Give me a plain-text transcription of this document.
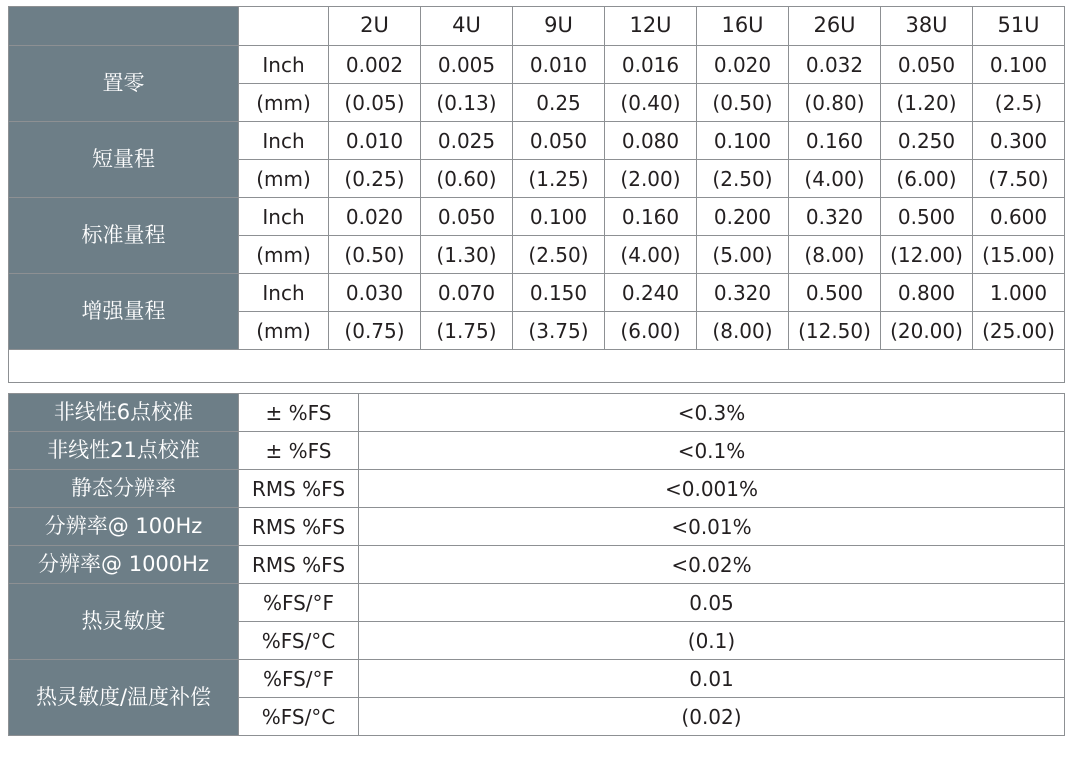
		2U	4U	9U	12U	16U	26U	38U	51U
置零	Inch	0.002	0.005	0.010	0.016	0.020	0.032	0.050	0.100
	(mm)	(0.05)	(0.13)	0.25	(0.40)	(0.50)	(0.80)	(1.20)	(2.5)
短量程	Inch	0.010	0.025	0.050	0.080	0.100	0.160	0.250	0.300
	(mm)	(0.25)	(0.60)	(1.25)	(2.00)	(2.50)	(4.00)	(6.00)	(7.50)
标准量程	Inch	0.020	0.050	0.100	0.160	0.200	0.320	0.500	0.600
	(mm)	(0.50)	(1.30)	(2.50)	(4.00)	(5.00)	(8.00)	(12.00)	(15.00)
增强量程	Inch	0.030	0.070	0.150	0.240	0.320	0.500	0.800	1.000
	(mm)	(0.75)	(1.75)	(3.75)	(6.00)	(8.00)	(12.50)	(20.00)	(25.00)

非线性6点校准	± %FS	<0.3%
非线性21点校准	± %FS	<0.1%
静态分辨率	RMS %FS	<0.001%
分辨率@ 100Hz	RMS %FS	<0.01%
分辨率@ 1000Hz	RMS %FS	<0.02%
热灵敏度	%FS/°F	0.05
	%FS/°C	(0.1)
热灵敏度/温度补偿	%FS/°F	0.01
	%FS/°C	(0.02)
